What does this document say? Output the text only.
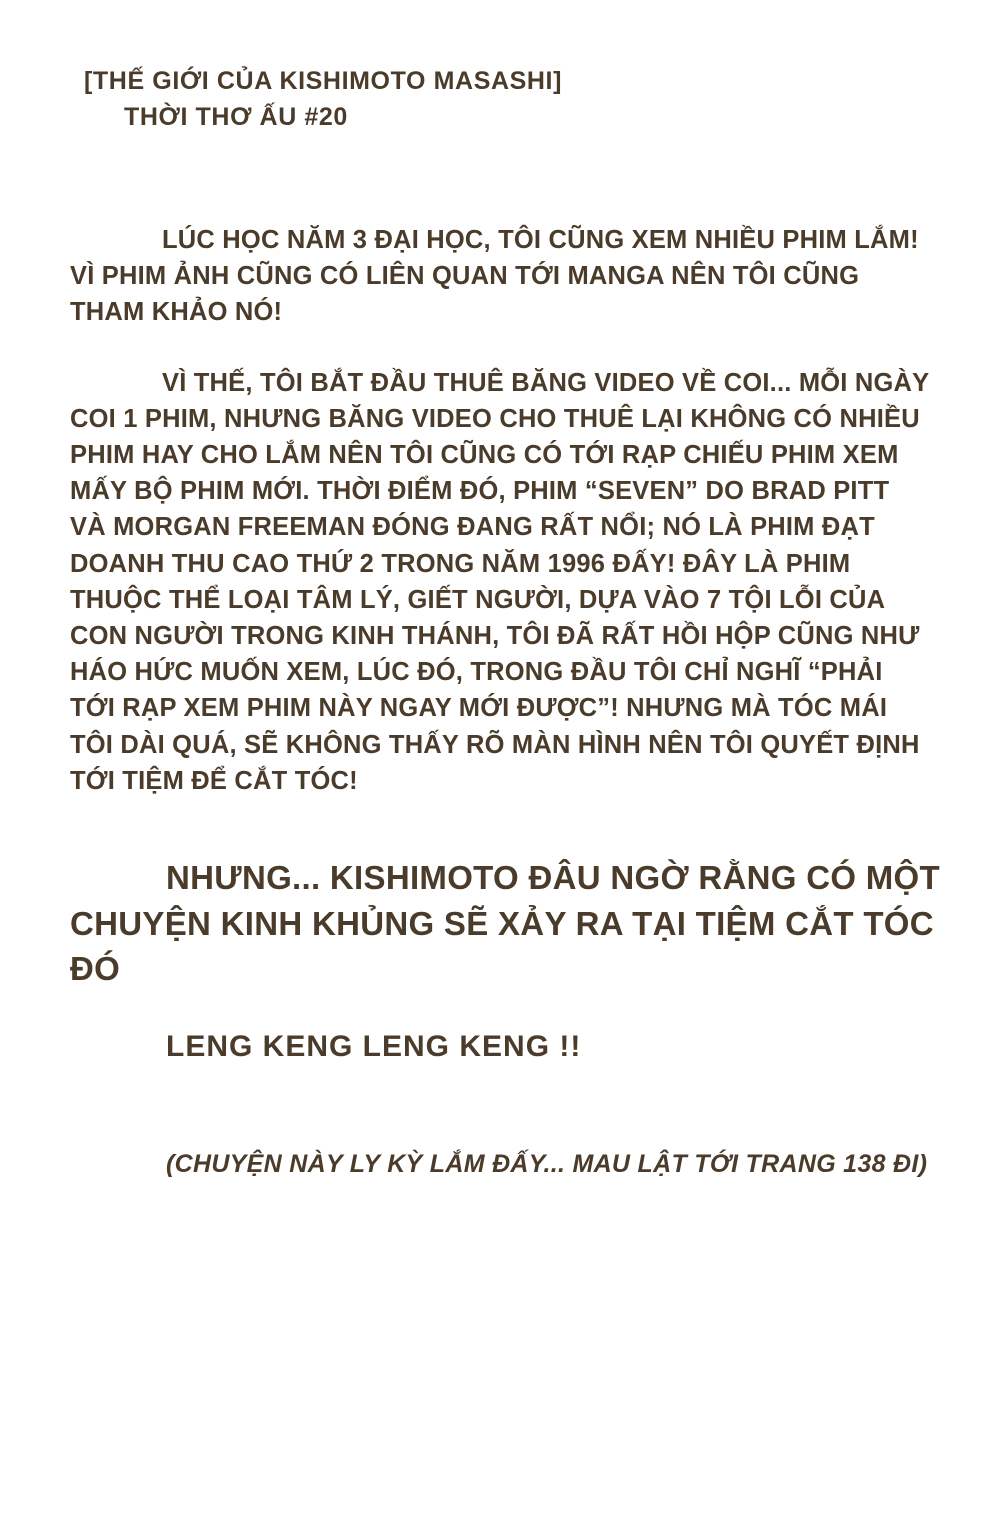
[THẾ GIỚI CỦA KISHIMOTO MASASHI]
THỜI THƠ ẤU #20

LÚC HỌC NĂM 3 ĐẠI HỌC, TÔI CŨNG XEM NHIỀU PHIM LẮM! VÌ PHIM ẢNH CŨNG CÓ LIÊN QUAN TỚI MANGA NÊN TÔI CŨNG THAM KHẢO NÓ!

VÌ THẾ, TÔI BẮT ĐẦU THUÊ BĂNG VIDEO VỀ COI... MỖI NGÀY COI 1 PHIM, NHƯNG BĂNG VIDEO CHO THUÊ LẠI KHÔNG CÓ NHIỀU PHIM HAY CHO LẮM NÊN TÔI CŨNG CÓ TỚI RẠP CHIẾU PHIM XEM MẤY BỘ PHIM MỚI. THỜI ĐIỂM ĐÓ, PHIM “SEVEN” DO BRAD PITT VÀ MORGAN FREEMAN ĐÓNG ĐANG RẤT NỔI; NÓ LÀ PHIM ĐẠT DOANH THU CAO THỨ 2 TRONG NĂM 1996 ĐẤY! ĐÂY LÀ PHIM THUỘC THỂ LOẠI TÂM LÝ, GIẾT NGƯỜI, DỰA VÀO 7 TỘI LỖI CỦA CON NGƯỜI TRONG KINH THÁNH, TÔI ĐÃ RẤT HỒI HỘP CŨNG NHƯ HÁO HỨC MUỐN XEM, LÚC ĐÓ, TRONG ĐẦU TÔI CHỈ NGHĨ “PHẢI TỚI RẠP XEM PHIM NÀY NGAY MỚI ĐƯỢC”! NHƯNG MÀ TÓC MÁI TÔI DÀI QUÁ, SẼ KHÔNG THẤY RÕ MÀN HÌNH NÊN TÔI QUYẾT ĐỊNH TỚI TIỆM ĐỂ CẮT TÓC!

NHƯNG... KISHIMOTO ĐÂU NGỜ RẰNG CÓ MỘT CHUYỆN KINH KHỦNG SẼ XẢY RA TẠI TIỆM CẮT TÓC ĐÓ
LENG KENG LENG KENG !!
(CHUYỆN NÀY LY KỲ LẮM ĐẤY... MAU LẬT TỚI TRANG 138 ĐI)
